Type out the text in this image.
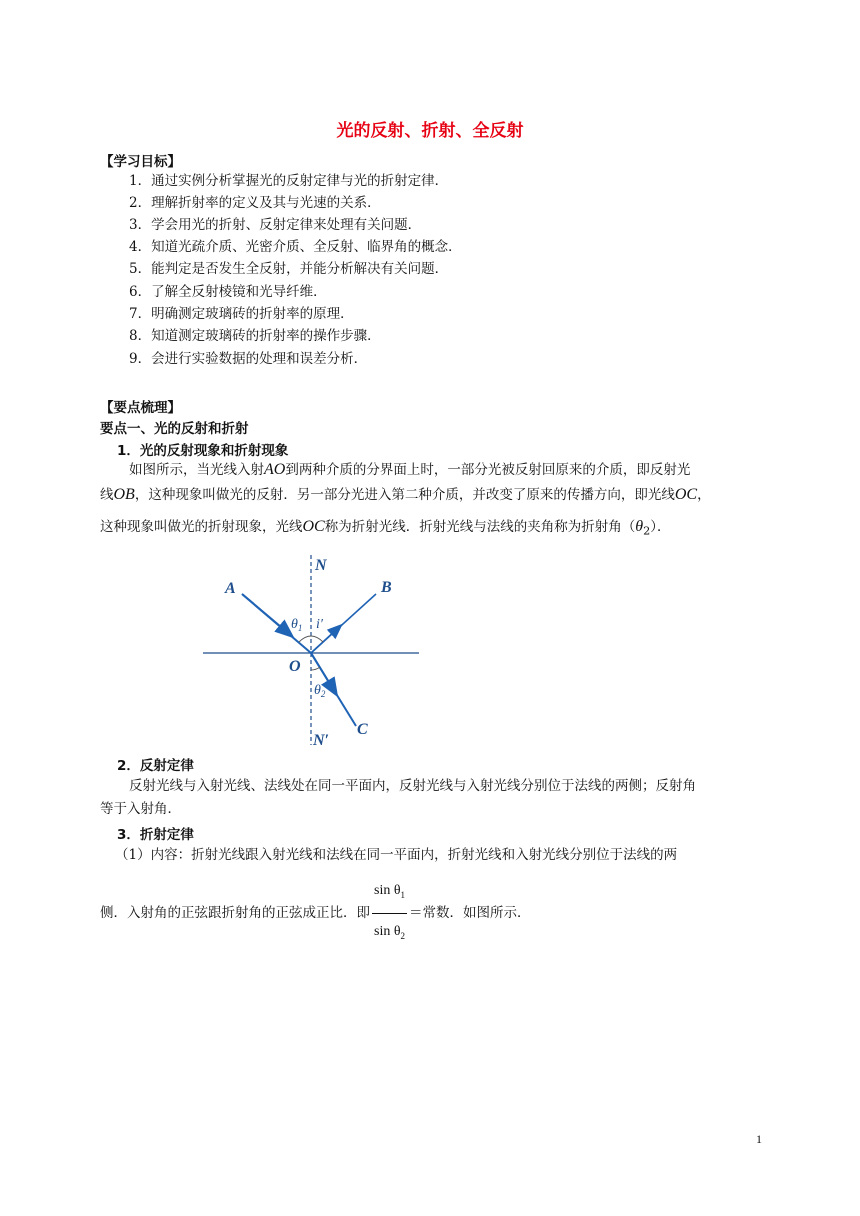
光的反射、折射、全反射
【学习目标】
1．通过实例分析掌握光的反射定律与光的折射定律．
2．理解折射率的定义及其与光速的关系．
3．学会用光的折射、反射定律来处理有关问题．
4．知道光疏介质、光密介质、全反射、临界角的概念．
5．能判定是否发生全反射，并能分析解决有关问题．
6．了解全反射棱镜和光导纤维．
7．明确测定玻璃砖的折射率的原理．
8．知道测定玻璃砖的折射率的操作步骤．
9．会进行实验数据的处理和误差分析．
【要点梳理】
要点一、光的反射和折射
1．光的反射现象和折射现象
如图所示，当光线入射AO到两种介质的分界面上时，一部分光被反射回原来的介质，即反射光
线OB，这种现象叫做光的反射．另一部分光进入第二种介质，并改变了原来的传播方向，即光线OC，
这种现象叫做光的折射现象，光线OC称为折射光线．折射光线与法线的夹角称为折射角$(\theta_2)$．
A
N
B
$\theta_1$ i′
O
$\theta_2$
C
N′
2．反射定律
反射光线与入射光线、法线处在同一平面内，反射光线与入射光线分别位于法线的两侧；反射角
等于入射角．
3．折射定律
（1）内容：折射光线跟入射光线和法线在同一平面内，折射光线和入射光线分别位于法线的两
侧．入射角的正弦跟折射角的正弦成正比．即 $\frac{\sin \theta_1}{\sin \theta_2}$ ＝常数．如图所示．
1
